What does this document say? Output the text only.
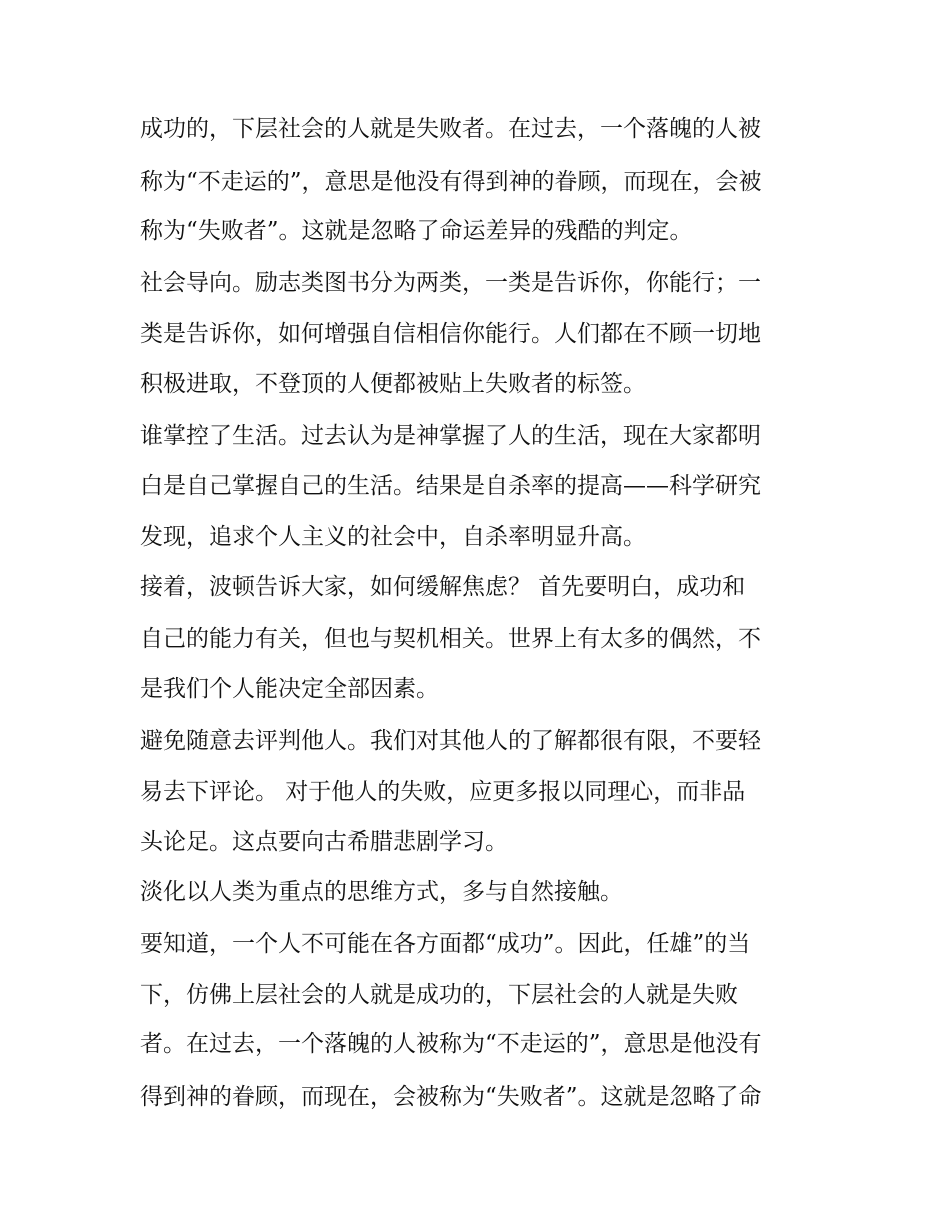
成功的，下层社会的人就是失败者。在过去，一个落魄的人被
称为“不走运的”，意思是他没有得到神的眷顾，而现在，会被
称为“失败者”。这就是忽略了命运差异的残酷的判定。
社会导向。励志类图书分为两类，一类是告诉你，你能行；一
类是告诉你，如何增强自信相信你能行。人们都在不顾一切地
积极进取，不登顶的人便都被贴上失败者的标签。
谁掌控了生活。过去认为是神掌握了人的生活，现在大家都明
白是自己掌握自己的生活。结果是自杀率的提高——科学研究
发现，追求个人主义的社会中，自杀率明显升高。
接着，波顿告诉大家，如何缓解焦虑？ 首先要明白，成功和
自己的能力有关，但也与契机相关。世界上有太多的偶然，不
是我们个人能决定全部因素。
避免随意去评判他人。我们对其他人的了解都很有限，不要轻
易去下评论。 对于他人的失败，应更多报以同理心，而非品
头论足。这点要向古希腊悲剧学习。
淡化以人类为重点的思维方式，多与自然接触。
要知道，一个人不可能在各方面都“成功”。因此，任雄”的当
下，仿佛上层社会的人就是成功的，下层社会的人就是失败
者。在过去，一个落魄的人被称为“不走运的”，意思是他没有
得到神的眷顾，而现在，会被称为“失败者”。这就是忽略了命
